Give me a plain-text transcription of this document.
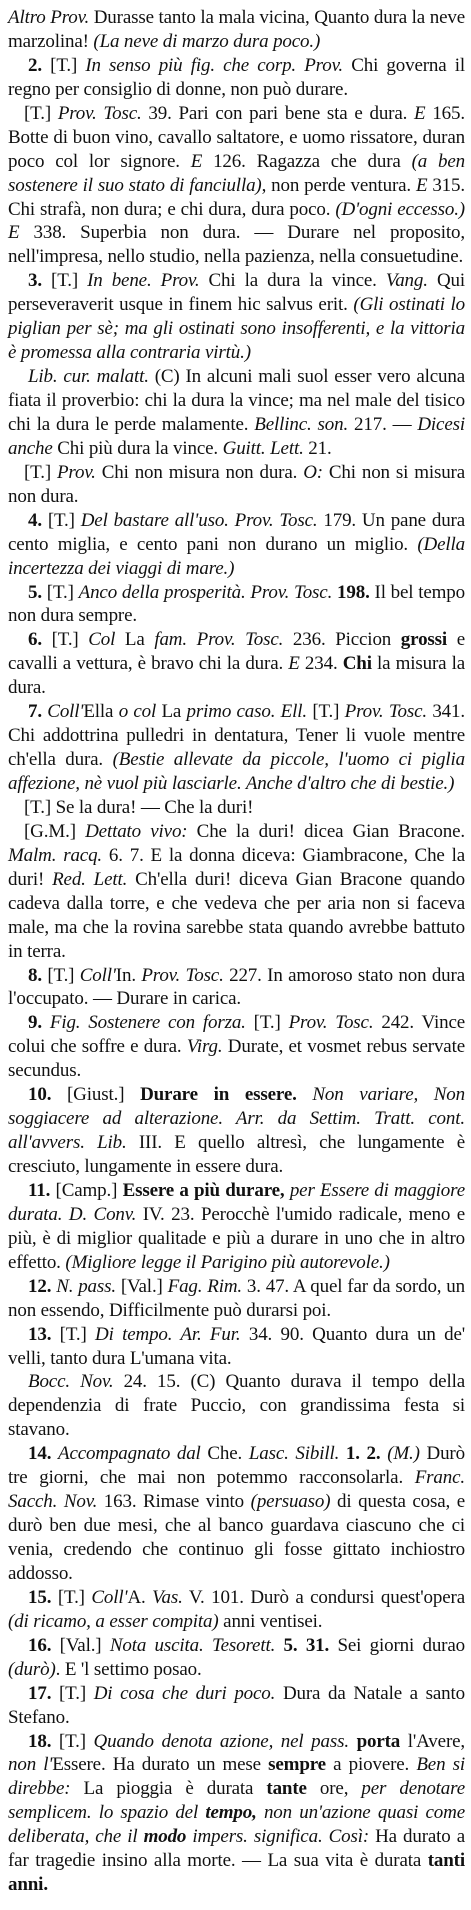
Altro Prov. Durasse tanto la mala vicina, Quanto dura la neve marzolina! (La neve di marzo dura poco.)

2. [T.] In senso più fig. che corp. Prov. Chi governa il regno per consiglio di donne, non può durare.

[T.] Prov. Tosc. 39. Pari con pari bene sta e dura. E 165. Botte di buon vino, cavallo saltatore, e uomo rissatore, duran poco col lor signore. E 126. Ragazza che dura (a ben sostenere il suo stato di fanciulla), non perde ventura. E 315. Chi strafà, non dura; e chi dura, dura poco. (D'ogni eccesso.) E 338. Superbia non dura. — Durare nel proposito, nell'impresa, nello studio, nella pazienza, nella consuetudine.

3. [T.] In bene. Prov. Chi la dura la vince. Vang. Qui perseveraverit usque in finem hic salvus erit. (Gli ostinati lo piglian per sè; ma gli ostinati sono insofferenti, e la vittoria è promessa alla contraria virtù.)

Lib. cur. malatt. (C) In alcuni mali suol esser vero alcuna fiata il proverbio: chi la dura la vince; ma nel male del tisico chi la dura le perde malamente. Bellinc. son. 217. — Dicesi anche Chi più dura la vince. Guitt. Lett. 21.

[T.] Prov. Chi non misura non dura. O: Chi non si misura non dura.

4. [T.] Del bastare all'uso. Prov. Tosc. 179. Un pane dura cento miglia, e cento pani non durano un miglio. (Della incertezza dei viaggi di mare.)

5. [T.] Anco della prosperità. Prov. Tosc. 198. Il bel tempo non dura sempre.

6. [T.] Col La fam. Prov. Tosc. 236. Piccion grossi e cavalli a vettura, è bravo chi la dura. E 234. Chi la misura la dura.

7. Coll'Ella o col La primo caso. Ell. [T.] Prov. Tosc. 341. Chi addottrina pulledri in dentatura, Tener li vuole mentre ch'ella dura. (Bestie allevate da piccole, l'uomo ci piglia affezione, nè vuol più lasciarle. Anche d'altro che di bestie.)

[T.] Se la dura! — Che la duri!

[G.M.] Dettato vivo: Che la duri! dicea Gian Bracone. Malm. racq. 6. 7. E la donna diceva: Giambracone, Che la duri! Red. Lett. Ch'ella duri! diceva Gian Bracone quando cadeva dalla torre, e che vedeva che per aria non si faceva male, ma che la rovina sarebbe stata quando avrebbe battuto in terra.

8. [T.] Coll'In. Prov. Tosc. 227. In amoroso stato non dura l'occupato. — Durare in carica.

9. Fig. Sostenere con forza. [T.] Prov. Tosc. 242. Vince colui che soffre e dura. Virg. Durate, et vosmet rebus servate secundus.

10. [Giust.] Durare in essere. Non variare, Non soggiacere ad alterazione. Arr. da Settim. Tratt. cont. all'avvers. Lib. III. E quello altresì, che lungamente è cresciuto, lungamente in essere dura.

11. [Camp.] Essere a più durare, per Essere di maggiore durata. D. Conv. IV. 23. Perocchè l'umido radicale, meno e più, è di miglior qualitade e più a durare in uno che in altro effetto. (Migliore legge il Parigino più autorevole.)

12. N. pass. [Val.] Fag. Rim. 3. 47. A quel far da sordo, un non essendo, Difficilmente può durarsi poi.

13. [T.] Di tempo. Ar. Fur. 34. 90. Quanto dura un de' velli, tanto dura L'umana vita.

Bocc. Nov. 24. 15. (C) Quanto durava il tempo della dependenzia di frate Puccio, con grandissima festa si stavano.

14. Accompagnato dal Che. Lasc. Sibill. 1. 2. (M.) Durò tre giorni, che mai non potemmo racconsolarla. Franc. Sacch. Nov. 163. Rimase vinto (persuaso) di questa cosa, e durò ben due mesi, che al banco guardava ciascuno che ci venia, credendo che continuo gli fosse gittato inchiostro addosso.

15. [T.] Coll'A. Vas. V. 101. Durò a condursi quest'opera (di ricamo, a esser compita) anni ventisei.

16. [Val.] Nota uscita. Tesorett. 5. 31. Sei giorni durao (durò). E 'l settimo posao.

17. [T.] Di cosa che duri poco. Dura da Natale a santo Stefano.

18. [T.] Quando denota azione, nel pass. porta l'Avere, non l'Essere. Ha durato un mese sempre a piovere. Ben si direbbe: La pioggia è durata tante ore, per denotare semplicem. lo spazio del tempo, non un'azione quasi come deliberata, che il modo impers. significa. Così: Ha durato a far tragedie insino alla morte. — La sua vita è durata tanti anni.
